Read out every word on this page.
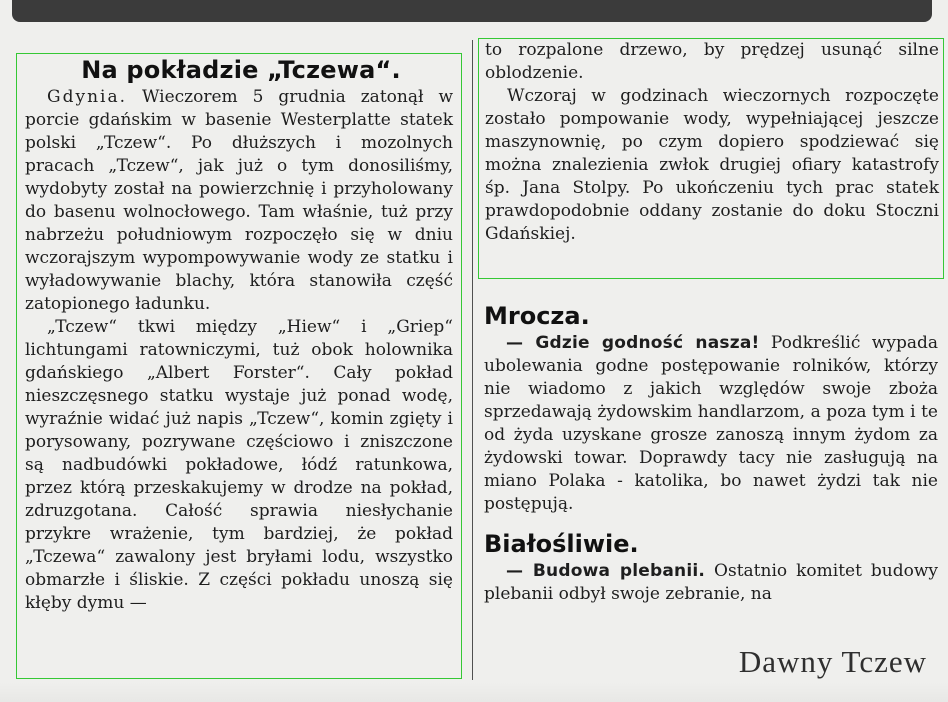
Na pokładzie „Tczewa“.

Gdynia. Wieczorem 5 grudnia zatonął w porcie gdańskim w basenie Westerplatte statek polski „Tczew“. Po dłuższych i mozolnych pracach „Tczew“, jak już o tym donosiliśmy, wydobyty został na powierzchnię i przyholowany do basenu wolnocłowego. Tam właśnie, tuż przy nabrzeżu południowym rozpoczęło się w dniu wczorajszym wypompowywanie wody ze statku i wyładowywanie blachy, która stanowiła część zatopionego ładunku.

„Tczew“ tkwi między „Hiew“ i „Griep“ lichtungami ratowniczymi, tuż obok holownika gdańskiego „Albert Forster“. Cały pokład nieszczęsnego statku wystaje już ponad wodę, wyraźnie widać już napis „Tczew“, komin zgięty i porysowany, pozrywane częściowo i zniszczone są nadbudówki pokładowe, łódź ratunkowa, przez którą przeskakujemy w drodze na pokład, zdruzgotana. Całość sprawia niesłychanie przykre wrażenie, tym bardziej, że pokład „Tczewa“ zawalony jest bryłami lodu, wszystko obmarzłe i śliskie. Z części pokładu unoszą się kłęby dymu —

to rozpalone drzewo, by prędzej usunąć silne oblodzenie.

Wczoraj w godzinach wieczornych rozpoczęte zostało pompowanie wody, wypełniającej jeszcze maszynownię, po czym dopiero spodziewać się można znalezienia zwłok drugiej ofiary katastrofy śp. Jana Stolpy. Po ukończeniu tych prac statek prawdopodobnie oddany zostanie do doku Stoczni Gdańskiej.

Mrocza.

— Gdzie godność nasza! Podkreślić wypada ubolewania godne postępowanie rolników, którzy nie wiadomo z jakich względów swoje zboża sprzedawają żydowskim handlarzom, a poza tym i te od żyda uzyskane grosze zanoszą innym żydom za żydowski towar. Doprawdy tacy nie zasługują na miano Polaka - katolika, bo nawet żydzi tak nie postępują.

Białośliwie.

— Budowa plebanii. Ostatnio komitet budowy plebanii odbył swoje zebranie, na

Dawny Tczew
